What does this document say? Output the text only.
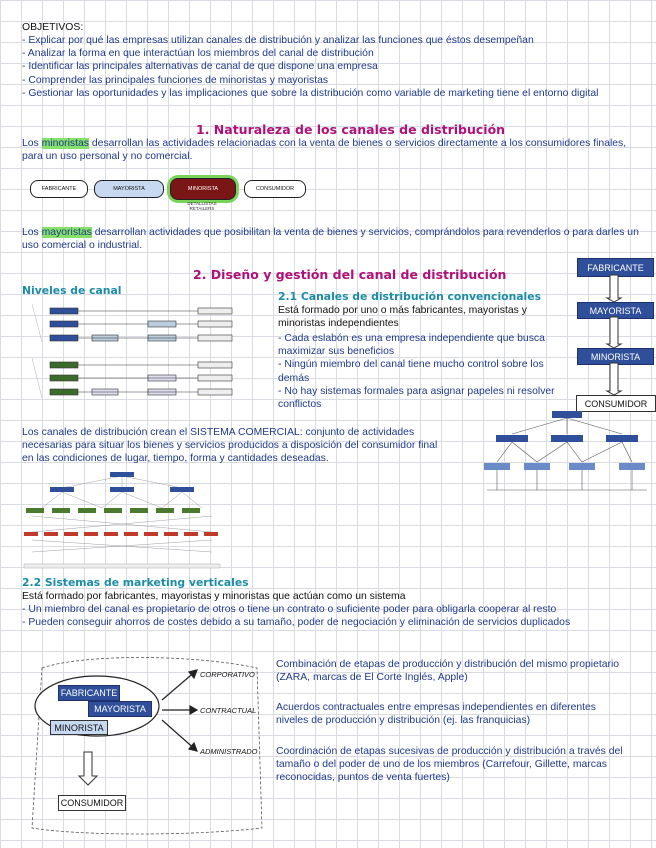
OBJETIVOS:
- Explicar por qué las empresas utilizan canales de distribución y analizar las funciones que éstos desempeñan
- Analizar la forma en que interactúan los miembros del canal de distribución
- Identificar las principales alternativas de canal de que dispone una empresa
- Comprender las principales funciones de minoristas y mayoristas
- Gestionar las oportunidades y las implicaciones que sobre la distribución como variable de marketing tiene el entorno digital
1. Naturaleza de los canales de distribución
Los minoristas desarrollan las actividades relacionadas con la venta de bienes o servicios directamente a los consumidores finales, para un uso personal y no comercial.
FABRICANTE	MAYORISTA	MINORISTA	CONSUMIDOR
DETALLISTAS RETAILERS
Los mayoristas desarrollan actividades que posibilitan la venta de bienes y servicios, comprándolos para revenderlos o para darles un uso comercial o industrial.
2. Diseño y gestión del canal de distribución
Niveles de canal	2.1 Canales de distribución convencionales
Está formado por uno o más fabricantes, mayoristas y minoristas independientes
- Cada eslabón es una empresa independiente que busca maximizar sus beneficios
- Ningún miembro del canal tiene mucho control sobre los demás
- No hay sistemas formales para asignar papeles ni resolver conflictos
FABRICANTE
MAYORISTA
MINORISTA
CONSUMIDOR
Los canales de distribución crean el SISTEMA COMERCIAL: conjunto de actividades necesarias para situar los bienes y servicios producidos a disposición del consumidor final en las condiciones de lugar, tiempo, forma y cantidades deseadas.
2.2 Sistemas de marketing verticales
Está formado por fabricantes, mayoristas y minoristas que actúan como un sistema
- Un miembro del canal es propietario de otros o tiene un contrato o suficiente poder para obligarla cooperar al resto
- Pueden conseguir ahorros de costes debido a su tamaño, poder de negociación y eliminación de servicios duplicados
FABRICANTE
MAYORISTA
MINORISTA
CONSUMIDOR
CORPORATIVO
CONTRACTUAL
ADMINISTRADO
Combinación de etapas de producción y distribución del mismo propietario (ZARA, marcas de El Corte Inglés, Apple)
Acuerdos contractuales entre empresas independientes en diferentes niveles de producción y distribución (ej. las franquicias)
Coordinación de etapas sucesivas de producción y distribución a través del tamaño o del poder de uno de los miembros (Carrefour, Gillette, marcas reconocidas, puntos de venta fuertes)
